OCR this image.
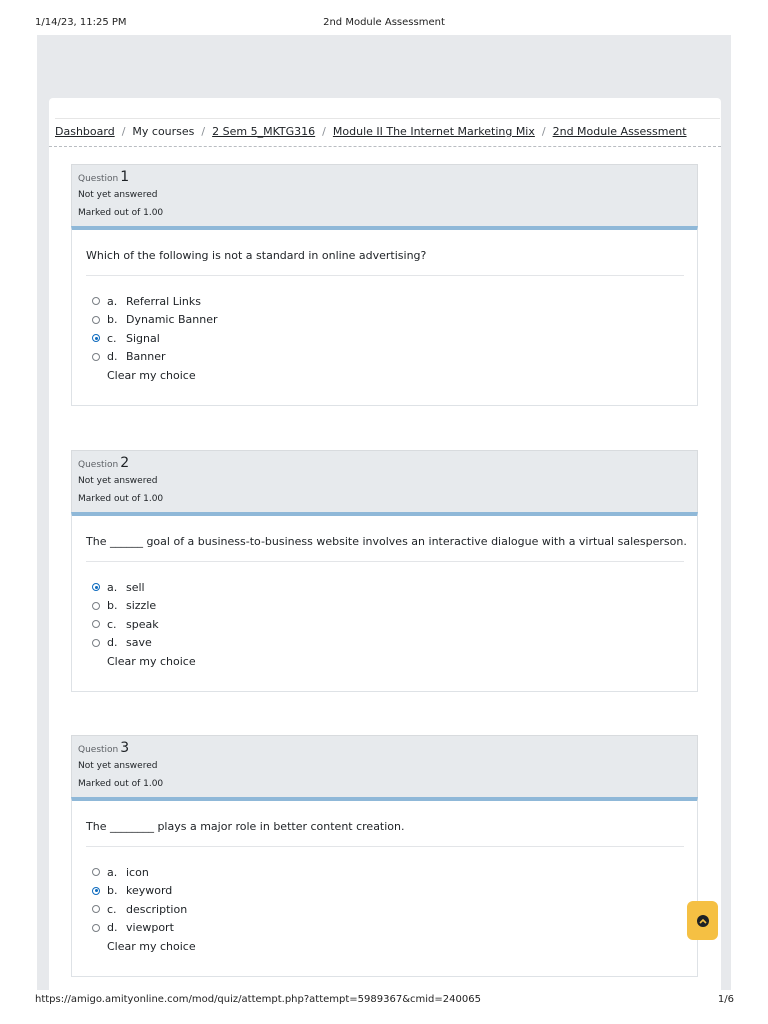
1/14/23, 11:25 PM	2nd Module Assessment
Dashboard / My courses / 2 Sem 5_MKTG316 / Module II The Internet Marketing Mix / 2nd Module Assessment
Question 1
Not yet answered
Marked out of 1.00
Which of the following is not a standard in online advertising?
a. Referral Links
b. Dynamic Banner
c. Signal
d. Banner
Clear my choice
Question 2
Not yet answered
Marked out of 1.00
The ______ goal of a business-to-business website involves an interactive dialogue with a virtual salesperson.
a. sell
b. sizzle
c. speak
d. save
Clear my choice
Question 3
Not yet answered
Marked out of 1.00
The ________ plays a major role in better content creation.
a. icon
b. keyword
c. description
d. viewport
Clear my choice
https://amigo.amityonline.com/mod/quiz/attempt.php?attempt=5989367&cmid=240065	1/6
